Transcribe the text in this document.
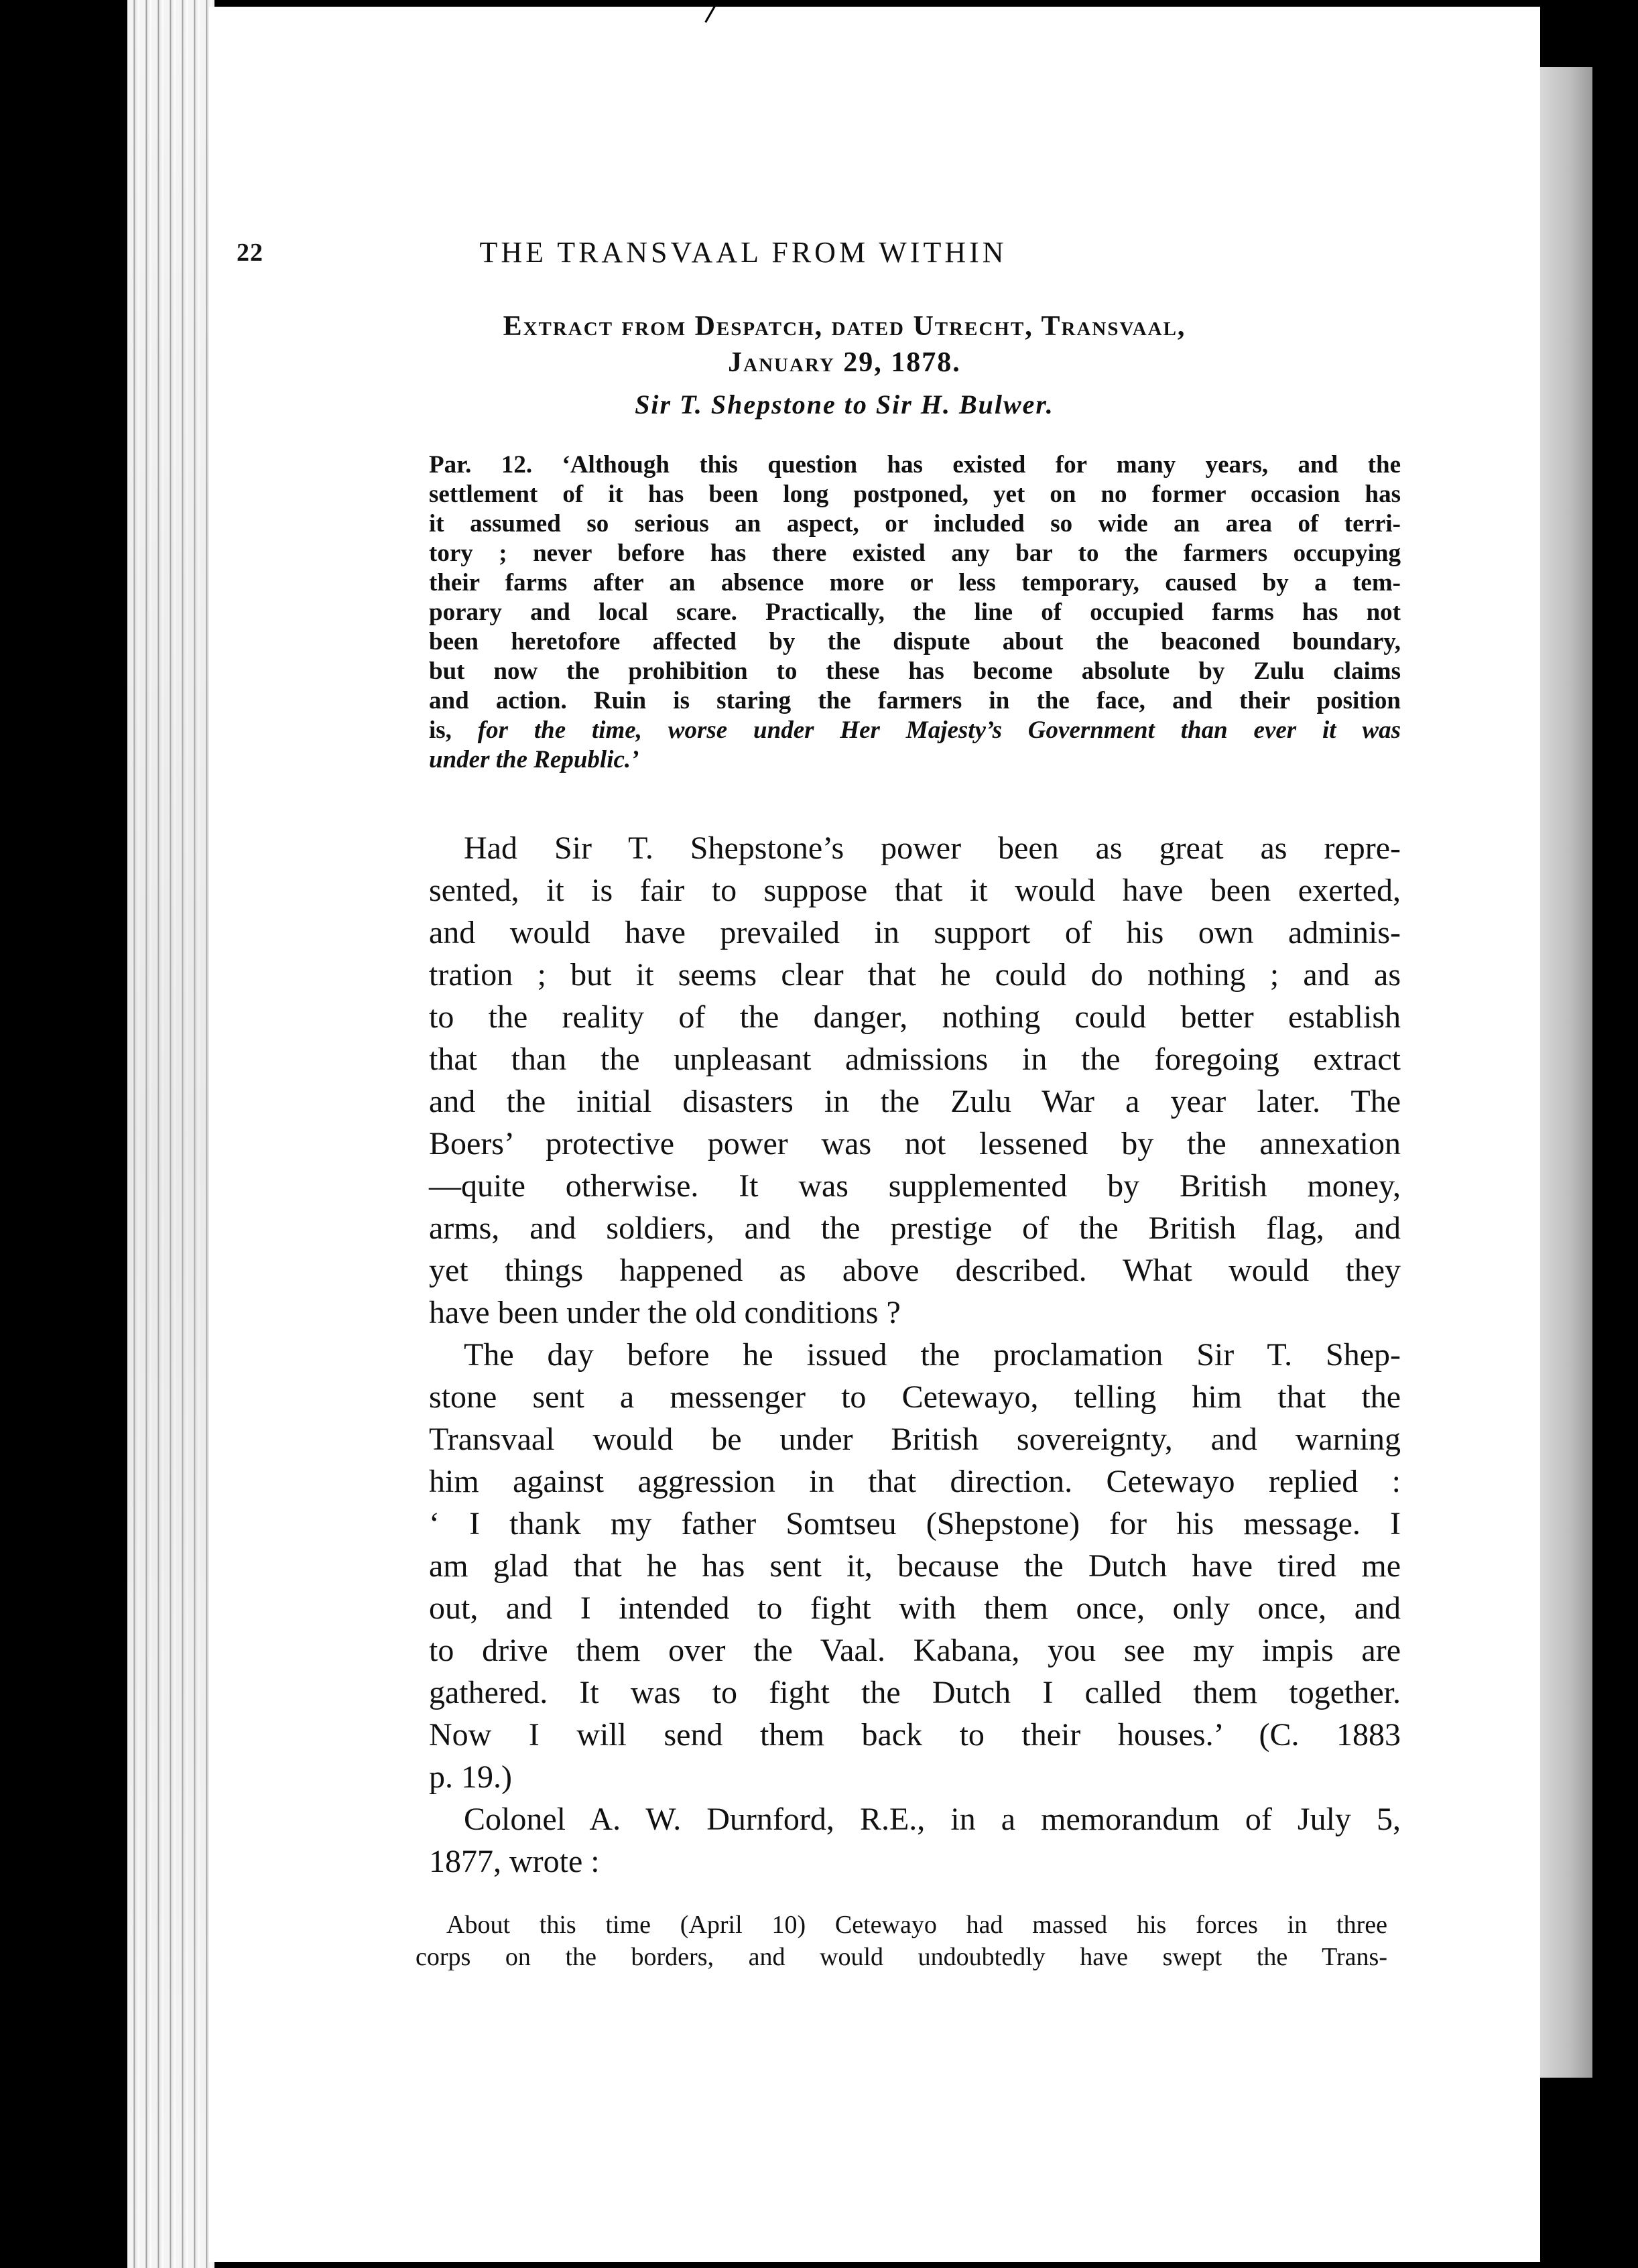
22	THE TRANSVAAL FROM WITHIN
Extract from Despatch, dated Utrecht, Transvaal,
January 29, 1878.
Sir T. Shepstone to Sir H. Bulwer.
Par. 12. ‘Although this question has existed for many years, and the
settlement of it has been long postponed, yet on no former occasion has
it assumed so serious an aspect, or included so wide an area of terri-
tory ; never before has there existed any bar to the farmers occupying
their farms after an absence more or less temporary, caused by a tem-
porary and local scare. Practically, the line of occupied farms has not
been heretofore affected by the dispute about the beaconed boundary,
but now the prohibition to these has become absolute by Zulu claims
and action. Ruin is staring the farmers in the face, and their position
is, for the time, worse under Her Majesty’s Government than ever it was
under the Republic.’
Had Sir T. Shepstone’s power been as great as repre-
sented, it is fair to suppose that it would have been exerted,
and would have prevailed in support of his own adminis-
tration ; but it seems clear that he could do nothing ; and as
to the reality of the danger, nothing could better establish
that than the unpleasant admissions in the foregoing extract
and the initial disasters in the Zulu War a year later. The
Boers’ protective power was not lessened by the annexation
—quite otherwise. It was supplemented by British money,
arms, and soldiers, and the prestige of the British flag, and
yet things happened as above described. What would they
have been under the old conditions ?
The day before he issued the proclamation Sir T. Shep-
stone sent a messenger to Cetewayo, telling him that the
Transvaal would be under British sovereignty, and warning
him against aggression in that direction. Cetewayo replied :
‘ I thank my father Somtseu (Shepstone) for his message. I
am glad that he has sent it, because the Dutch have tired me
out, and I intended to fight with them once, only once, and
to drive them over the Vaal. Kabana, you see my impis are
gathered. It was to fight the Dutch I called them together.
Now I will send them back to their houses.’ (C. 1883
p. 19.)
Colonel A. W. Durnford, R.E., in a memorandum of July 5,
1877, wrote :
About this time (April 10) Cetewayo had massed his forces in three
corps on the borders, and would undoubtedly have swept the Trans-
